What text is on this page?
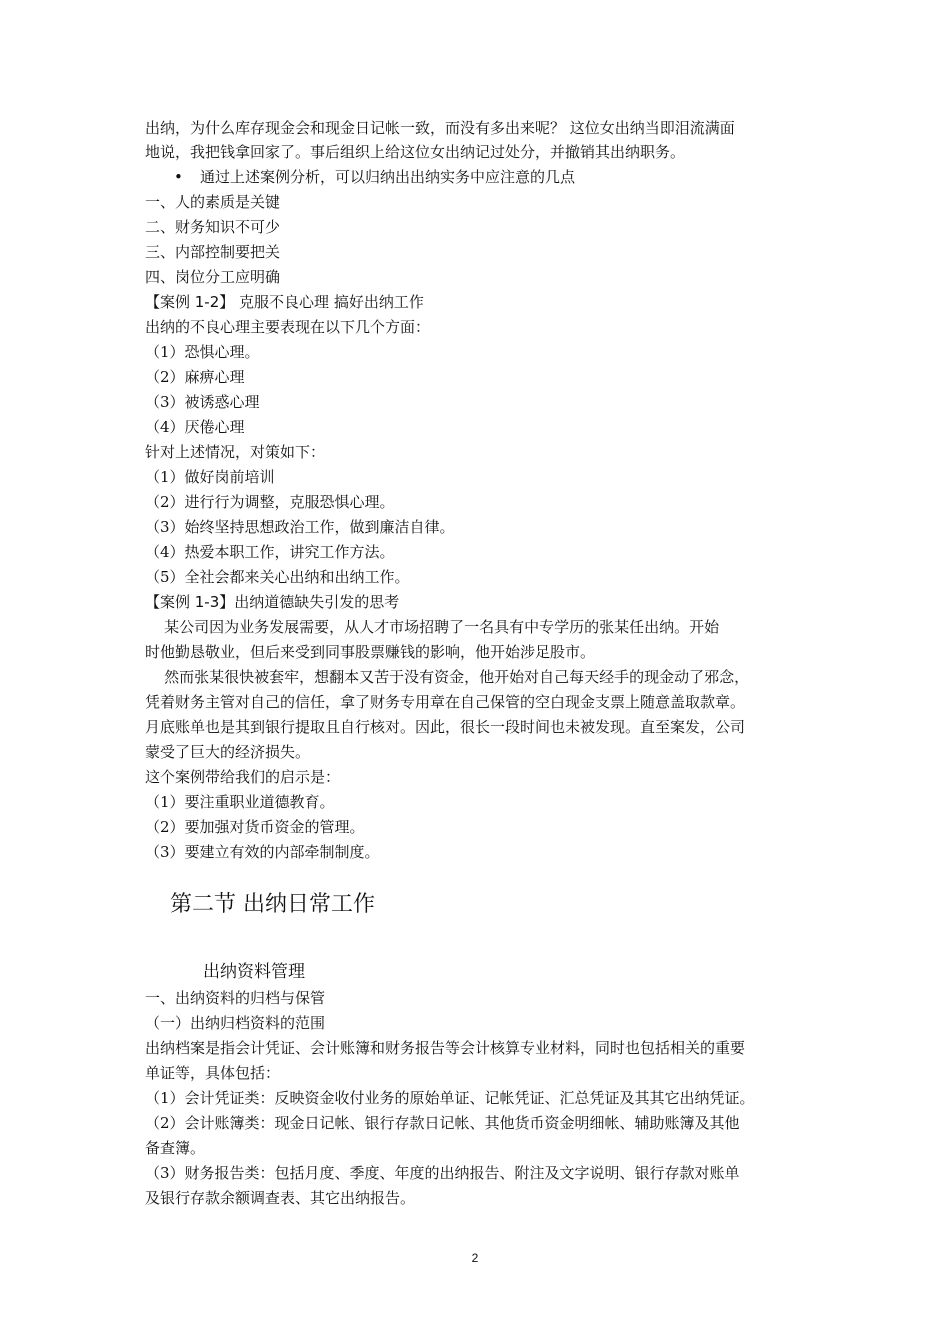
出纳，为什么库存现金会和现金日记帐一致，而没有多出来呢？ 这位女出纳当即泪流满面

地说，我把钱拿回家了。事后组织上给这位女出纳记过处分，并撤销其出纳职务。

• 通过上述案例分析，可以归纳出出纳实务中应注意的几点

一、人的素质是关键

二、财务知识不可少

三、内部控制要把关

四、岗位分工应明确

【案例 1-2】 克服不良心理 搞好出纳工作

出纳的不良心理主要表现在以下几个方面：

（1）恐惧心理。

（2）麻痹心理

（3）被诱惑心理

（4）厌倦心理

针对上述情况，对策如下：

（1）做好岗前培训

（2）进行行为调整，克服恐惧心理。

（3）始终坚持思想政治工作，做到廉洁自律。

（4）热爱本职工作，讲究工作方法。

（5）全社会都来关心出纳和出纳工作。

【案例 1-3】出纳道德缺失引发的思考

某公司因为业务发展需要，从人才市场招聘了一名具有中专学历的张某任出纳。开始

时他勤恳敬业，但后来受到同事股票赚钱的影响，他开始涉足股市。

然而张某很快被套牢，想翻本又苦于没有资金，他开始对自己每天经手的现金动了邪念，

凭着财务主管对自己的信任，拿了财务专用章在自己保管的空白现金支票上随意盖取款章。

月底账单也是其到银行提取且自行核对。因此，很长一段时间也未被发现。直至案发，公司

蒙受了巨大的经济损失。

这个案例带给我们的启示是：

（1）要注重职业道德教育。

（2）要加强对货币资金的管理。

（3）要建立有效的内部牵制制度。

第二节 出纳日常工作
出纳资料管理

一、出纳资料的归档与保管

（一）出纳归档资料的范围

出纳档案是指会计凭证、会计账簿和财务报告等会计核算专业材料，同时也包括相关的重要

单证等，具体包括：

（1）会计凭证类：反映资金收付业务的原始单证、记帐凭证、汇总凭证及其其它出纳凭证。

（2）会计账簿类：现金日记帐、银行存款日记帐、其他货币资金明细帐、辅助账簿及其他

备查簿。

（3）财务报告类：包括月度、季度、年度的出纳报告、附注及文字说明、银行存款对账单

及银行存款余额调查表、其它出纳报告。

2
